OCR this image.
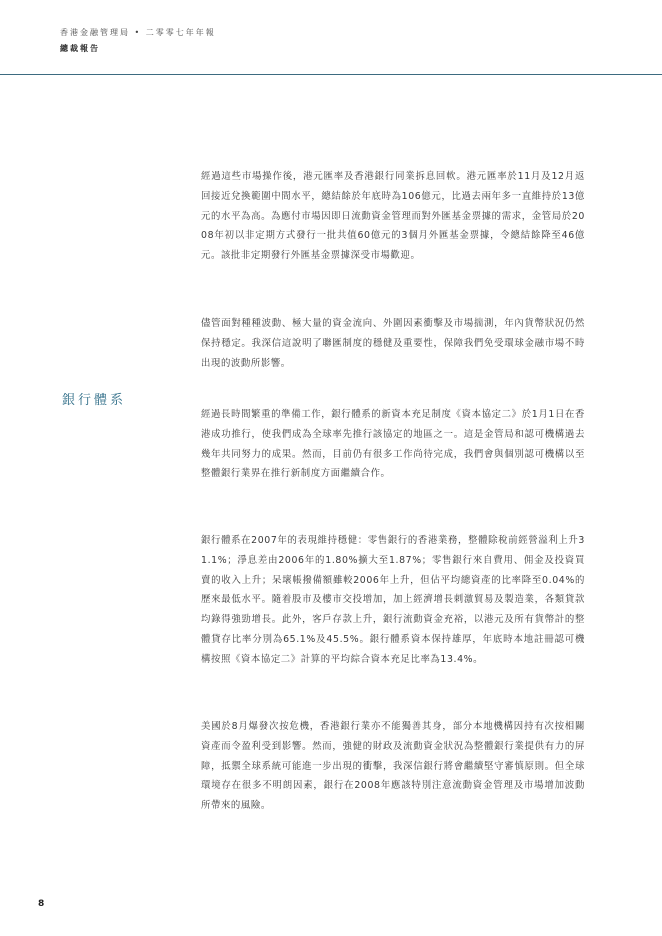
香港金融管理局 • 二零零七年年報
總裁報告
銀行體系

經過這些市場操作後，港元匯率及香港銀行同業拆息回軟。港元匯率於11月及12月返回接近兌換範圍中間水平，總結餘於年底時為106億元，比過去兩年多一直維持於13億元的水平為高。為應付市場因即日流動資金管理而對外匯基金票據的需求，金管局於2008年初以非定期方式發行一批共值60億元的3個月外匯基金票據，令總結餘降至46億元。該批非定期發行外匯基金票據深受市場歡迎。

儘管面對種種波動、極大量的資金流向、外圍因素衝擊及市場揣測，年內貨幣狀況仍然保持穩定。我深信這說明了聯匯制度的穩健及重要性，保障我們免受環球金融市場不時出現的波動所影響。

經過長時間繁重的準備工作，銀行體系的新資本充足制度《資本協定二》於1月1日在香港成功推行，使我們成為全球率先推行該協定的地區之一。這是金管局和認可機構過去幾年共同努力的成果。然而，目前仍有很多工作尚待完成，我們會與個別認可機構以至整體銀行業界在推行新制度方面繼續合作。

銀行體系在2007年的表現維持穩健：零售銀行的香港業務，整體除稅前經營溢利上升31.1%；淨息差由2006年的1.80%擴大至1.87%；零售銀行來自費用、佣金及投資買賣的收入上升；呆壞帳撥備額雖較2006年上升，但佔平均總資產的比率降至0.04%的歷來最低水平。隨着股市及樓市交投增加，加上經濟增長刺激貿易及製造業，各類貸款均錄得強勁增長。此外，客戶存款上升，銀行流動資金充裕，以港元及所有貨幣計的整體貸存比率分別為65.1%及45.5%。銀行體系資本保持雄厚，年底時本地註冊認可機構按照《資本協定二》計算的平均綜合資本充足比率為13.4%。

美國於8月爆發次按危機，香港銀行業亦不能獨善其身，部分本地機構因持有次按相關資產而令盈利受到影響。然而，強健的財政及流動資金狀況為整體銀行業提供有力的屏障，抵禦全球系統可能進一步出現的衝擊，我深信銀行將會繼續堅守審慎原則。但全球環境存在很多不明朗因素，銀行在2008年應該特別注意流動資金管理及市場增加波動所帶來的風險。

8
